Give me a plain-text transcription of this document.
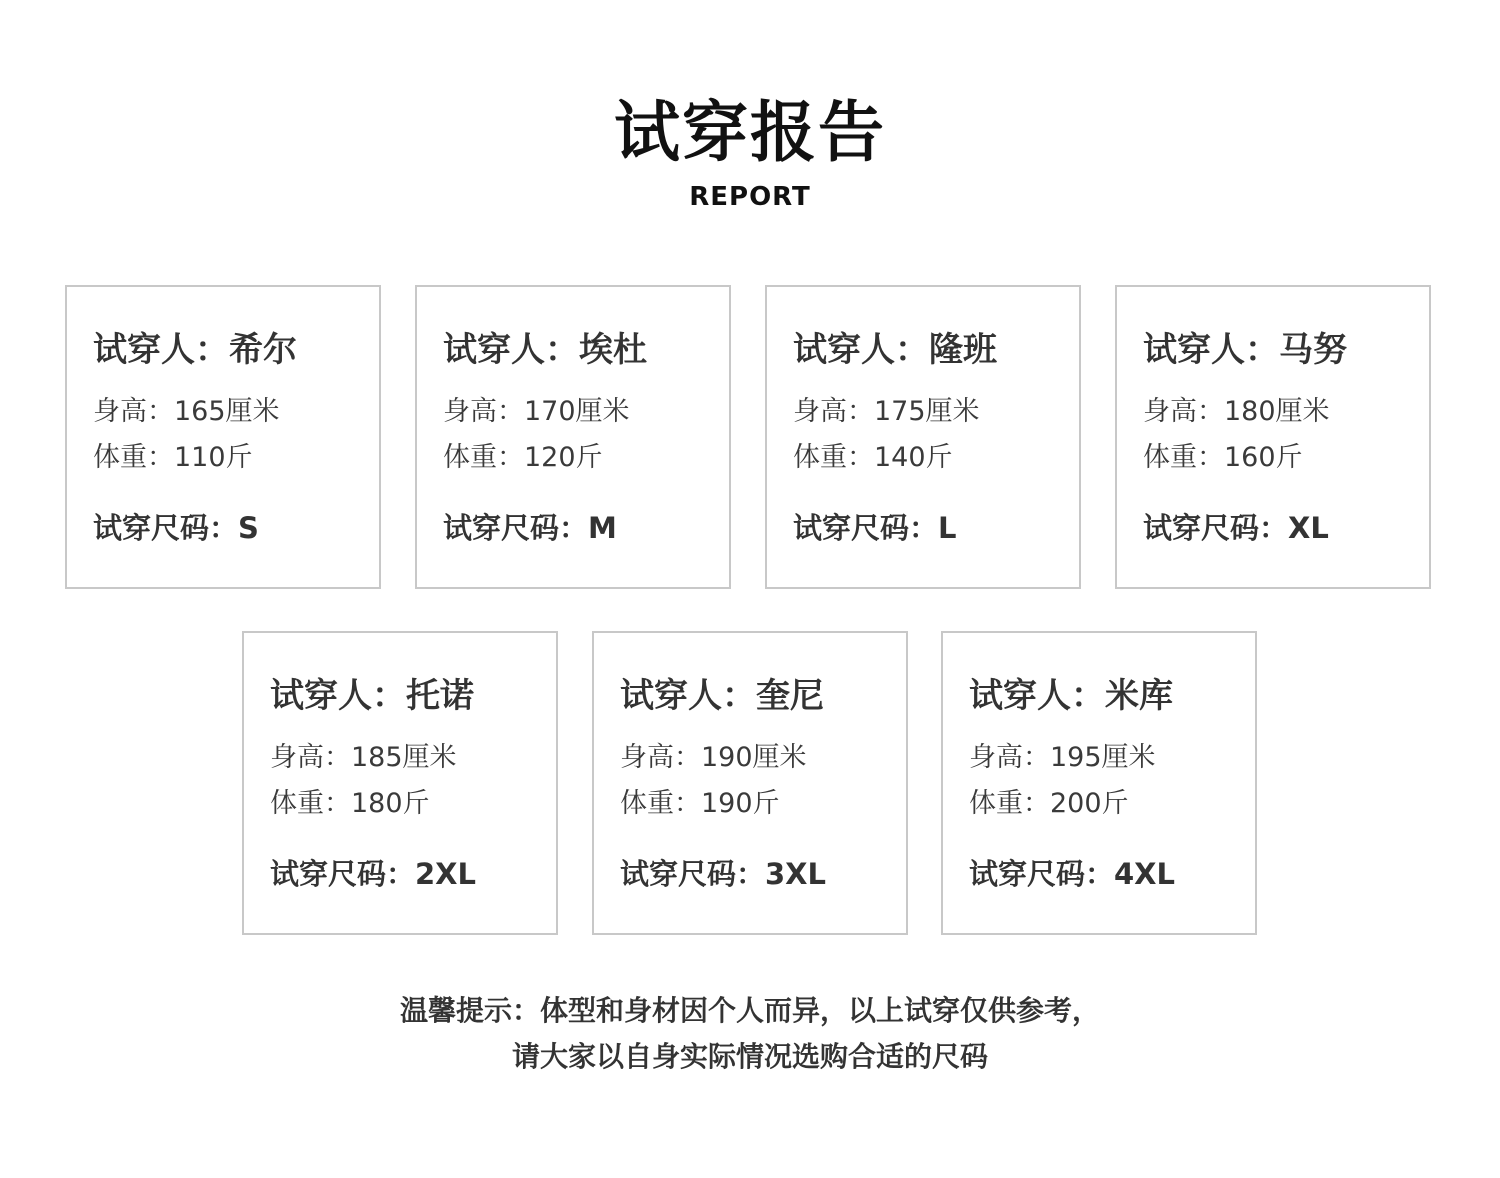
试穿报告
REPORT
试穿人：希尔
身高：165厘米
体重：110斤
试穿尺码：S
试穿人：埃杜
身高：170厘米
体重：120斤
试穿尺码：M
试穿人：隆班
身高：175厘米
体重：140斤
试穿尺码：L
试穿人：马努
身高：180厘米
体重：160斤
试穿尺码：XL
试穿人：托诺
身高：185厘米
体重：180斤
试穿尺码：2XL
试穿人：奎尼
身高：190厘米
体重：190斤
试穿尺码：3XL
试穿人：米库
身高：195厘米
体重：200斤
试穿尺码：4XL
温馨提示：体型和身材因个人而异，以上试穿仅供参考，
请大家以自身实际情况选购合适的尺码
